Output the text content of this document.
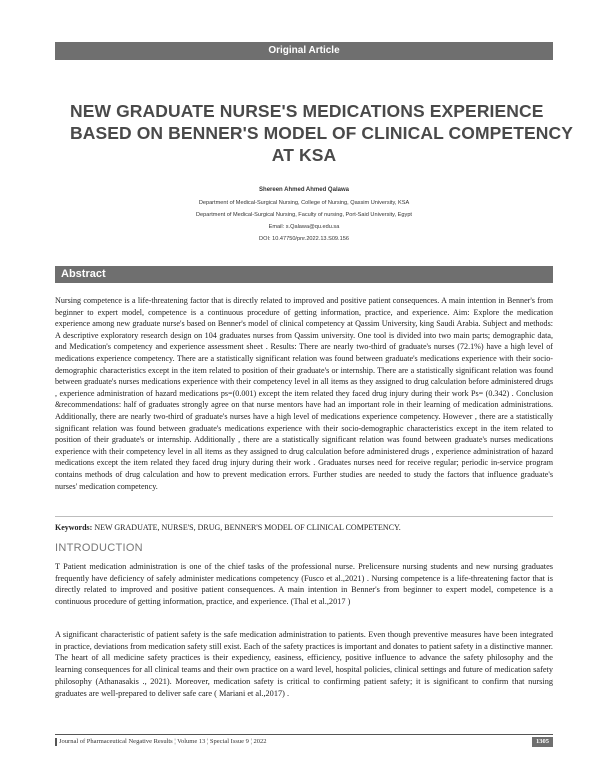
Original Article
NEW GRADUATE NURSE'S MEDICATIONS EXPERIENCE
BASED ON BENNER'S MODEL OF CLINICAL COMPETENCY
AT KSA
Shereen Ahmed Ahmed Qalawa
Department of Medical-Surgical Nursing, College of Nursing, Qassim University, KSA
Department of Medical-Surgical Nursing, Faculty of nursing, Port-Said University, Egypt
Email: s.Qalawa@qu.edu.sa
DOI: 10.47750/pnr.2022.13.S09.156
Abstract
Nursing competence is a life-threatening factor that is directly related to improved and positive patient consequences. A main intention in Benner's from beginner to expert model, competence is a continuous procedure of getting information, practice, and experience. Aim: Explore the medication experience among new graduate nurse's based on Benner's model of clinical competency at Qassim University, king Saudi Arabia. Subject and methods: A descriptive exploratory research design on 104 graduates nurses from Qassim university. One tool is divided into two main parts; demographic data, and Medication's competency and experience assessment sheet . Results: There are nearly two-third of graduate's nurses (72.1%) have a high level of medications experience competency. There are a statistically significant relation was found between graduate's medications experience with their socio-demographic characteristics except in the item related to position of their graduate's or internship. There are a statistically significant relation was found between graduate's nurses medications experience with their competency level in all items as they assigned to drug calculation before administered drugs , experience administration of hazard medications ps=(0.001) except the item related they faced drug injury during their work Ps= (0.342) . Conclusion &recommendations: half of graduates strongly agree on that nurse mentors have had an important role in their learning of medication administrations. Additionally, there are nearly two-third of graduate's nurses have a high level of medications experience competency. However , there are a statistically significant relation was found between graduate's medications experience with their socio-demographic characteristics except in the item related to position of their graduate's or internship. Additionally , there are a statistically significant relation was found between graduate's nurses medications experience with their competency level in all items as they assigned to drug calculation before administered drugs , experience administration of hazard medications except the item related they faced drug injury during their work . Graduates nurses need for receive regular; periodic in-service program contains methods of drug calculation and how to prevent medication errors. Further studies are needed to study the factors that influence graduate's nurses' medication competency.
Keywords: NEW GRADUATE, NURSE'S, DRUG, BENNER'S MODEL OF CLINICAL COMPETENCY.
INTRODUCTION
T Patient medication administration is one of the chief tasks of the professional nurse. Prelicensure nursing students and new nursing graduates frequently have deficiency of safely administer medications competency (Fusco et al.,2021) . Nursing competence is a life-threatening factor that is directly related to improved and positive patient consequences. A main intention in Benner's from beginner to expert model, competence is a continuous procedure of getting information, practice, and experience. (Thal et al.,2017 )
A significant characteristic of patient safety is the safe medication administration to patients. Even though preventive measures have been integrated in practice, deviations from medication safety still exist. Each of the safety practices is important and donates to patient safety in a distinctive manner. The heart of all medicine safety practices is their expediency, easiness, efficiency, positive influence to advance the safety philosophy and the learning consequences for all clinical teams and their own practice on a ward level, hospital policies, clinical settings and future of medication safety philosophy (Athanasakis ., 2021). Moreover, medication safety is critical to confirming patient safety; it is significant to confirm that nursing graduates are well-prepared to deliver safe care ( Mariani et al.,2017) .
Journal of Pharmaceutical Negative Results ¦ Volume 13 ¦ Special Issue 9 ¦ 2022	1305
